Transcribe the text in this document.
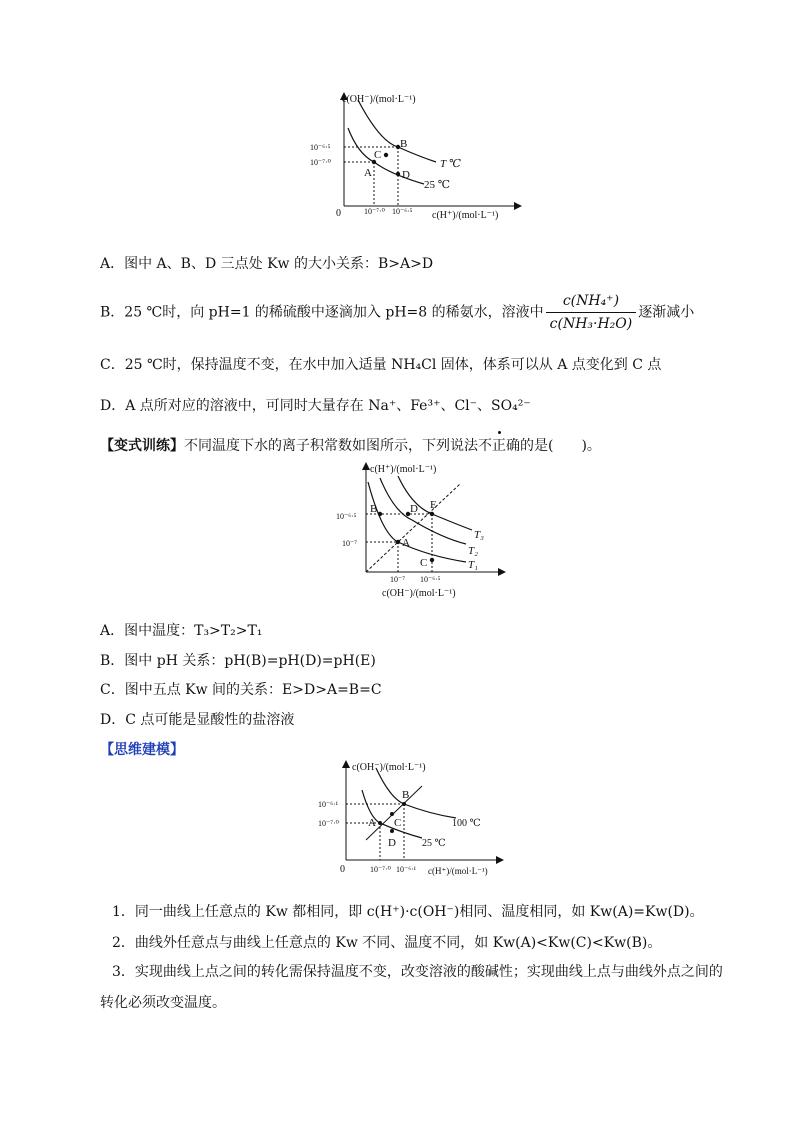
c(OH⁻)/(mol·L⁻¹)
c(H⁺)/(mol·L⁻¹)
0
10⁻⁶·⁵
10⁻⁷·⁰
10⁻⁷·⁰ 10⁻⁶·⁵
A
B
C
D
T ℃
25 ℃
A．图中 A、B、D 三点处 Kw 的大小关系：B>A>D
B．25 ℃时，向 pH=1 的稀硫酸中逐滴加入 pH=8 的稀氨水，溶液中 $\frac{\text{c(NH₄⁺)}}{\text{c(NH₃·H₂O)}}$ 逐渐减小
C．25 ℃时，保持温度不变，在水中加入适量 NH₄Cl 固体，体系可以从 A 点变化到 C 点
D．A 点所对应的溶液中，可同时大量存在 Na⁺、Fe³⁺、Cl⁻、SO₄²⁻
【变式训练】不同温度下水的离子积常数如图所示，下列说法不正确的是(　　)。
c(H⁺)/(mol·L⁻¹)
c(OH⁻)/(mol·L⁻¹)
10⁻⁶·⁵
10⁻⁷
10⁻⁷ 10⁻⁶·⁵
A
B
C
D E
T₃
T₂
T₁
A．图中温度：T₃>T₂>T₁
B．图中 pH 关系：pH(B)=pH(D)=pH(E)
C．图中五点 Kw 间的关系：E>D>A=B=C
D．C 点可能是显酸性的盐溶液
【思维建模】
c(OH⁻)/(mol·L⁻¹)
c(H⁺)/(mol·L⁻¹)
0
10⁻⁶·¹
10⁻⁷·⁰
10⁻⁷·⁰ 10⁻⁶·¹
A
B
C
D
100 ℃
25 ℃
1．同一曲线上任意点的 Kw 都相同，即 c(H⁺)·c(OH⁻)相同、温度相同，如 Kw(A)=Kw(D)。
2．曲线外任意点与曲线上任意点的 Kw 不同、温度不同，如 Kw(A)<Kw(C)<Kw(B)。
3．实现曲线上点之间的转化需保持温度不变，改变溶液的酸碱性；实现曲线上点与曲线外点之间的
转化必须改变温度。
